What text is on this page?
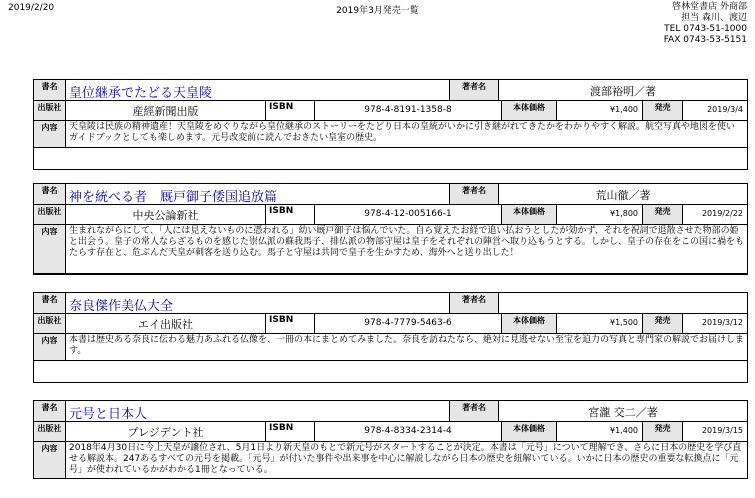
2019/2/20	2019年3月発売一覧	啓林堂書店 外商部
担当 森川、渡辺
TEL 0743-51-1000
FAX 0743-53-5151
書名 皇位継承でたどる天皇陵	著者名	渡部裕明／著
出版社	産經新聞出版	ISBN	978-4-8191-1358-8	本体価格	¥1,400	発売	2019/3/4
内容	天皇陵は民族の精神遺産！天皇陵をめぐりながら皇位継承のストーリーをたどり日本の皇統がいかに引き継がれてきたかをわかりやすく解説。航空写真や地図を使いガイドブックとしても楽しめます。元号改変前に読んでおきたい皇室の歴史。
書名 神を統べる者　厩戸御子倭国追放篇	著者名	荒山徹／著
出版社	中央公論新社	ISBN	978-4-12-005166-1	本体価格	¥1,800	発売	2019/2/22
内容	生まれながらにして、「人には見えないものに憑われる」幼い厩戸御子は悩んでいた。自ら覚えたお経で追い払おうとしたが効かず、それを祝詞で退散させた物部の姫と出会う。皇子の常人ならざるものを感じた崇仏派の蘇我馬子、排仏派の物部守屋は皇子をそれぞれの陣営へ取り込もうとする。しかし、皇子の存在をこの国に禍をもたらす存在と、危ぶんだ天皇が刺客を送り込む。馬子と守屋は共同で皇子を生かすため、海外へと送り出した！
書名 奈良傑作美仏大全	著者名
出版社	エイ出版社	ISBN	978-4-7779-5463-6	本体価格	¥1,500	発売	2019/3/12
内容	本書は歴史ある奈良に伝わる魅力あふれる仏像を、一冊の本にまとめてみました。奈良を訪ねたなら、絶対に見逃せない至宝を迫力の写真と専門家の解説でお届けします。
書名 元号と日本人	著者名	宮瀧 交二／著
出版社	プレジデント社	ISBN	978-4-8334-2314-4	本体価格	¥1,400	発売	2019/3/15
内容	2018年4月30日に今上天皇が譲位され、5月1日より新天皇のもとで新元号がスタートすることが決定。本書は「元号」について理解でき、さらに日本の歴史を学び直せる解説本。247あるすべての元号を掲載。「元号」が付いた事件や出来事を中心に解説しながら日本の歴史を紐解いている。いかに日本の歴史の重要な転換点に「元号」が使われているかがわかる1冊となっている。
